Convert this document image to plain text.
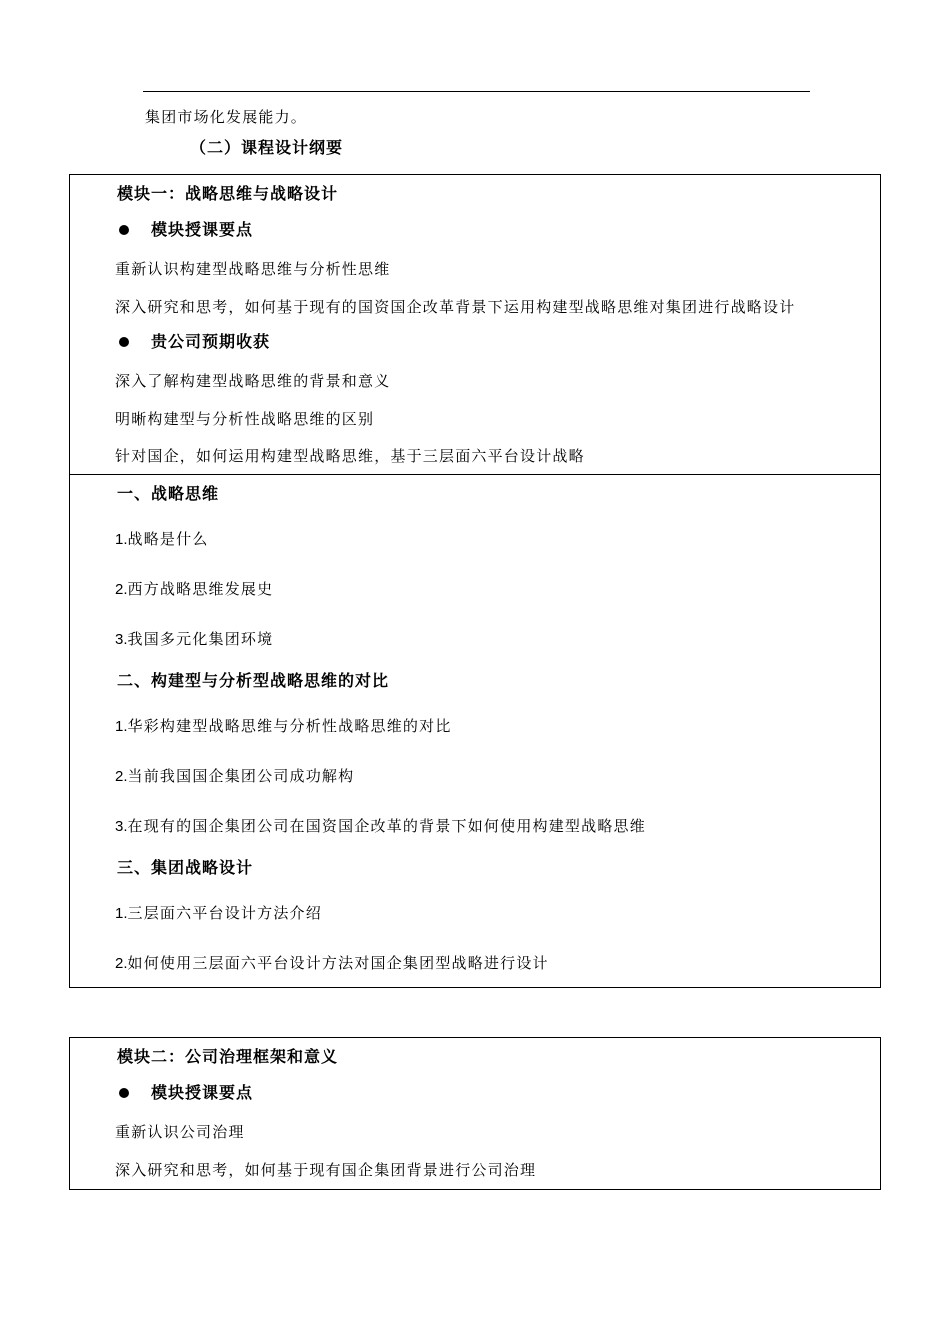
集团市场化发展能力。
（二）课程设计纲要
模块一：战略思维与战略设计
模块授课要点
重新认识构建型战略思维与分析性思维
深入研究和思考，如何基于现有的国资国企改革背景下运用构建型战略思维对集团进行战略设计
贵公司预期收获
深入了解构建型战略思维的背景和意义
明晰构建型与分析性战略思维的区别
针对国企，如何运用构建型战略思维，基于三层面六平台设计战略
一、战略思维
1.战略是什么
2.西方战略思维发展史
3.我国多元化集团环境
二、构建型与分析型战略思维的对比
1.华彩构建型战略思维与分析性战略思维的对比
2.当前我国国企集团公司成功解构
3.在现有的国企集团公司在国资国企改革的背景下如何使用构建型战略思维
三、集团战略设计
1.三层面六平台设计方法介绍
2.如何使用三层面六平台设计方法对国企集团型战略进行设计
模块二：公司治理框架和意义
模块授课要点
重新认识公司治理
深入研究和思考，如何基于现有国企集团背景进行公司治理
